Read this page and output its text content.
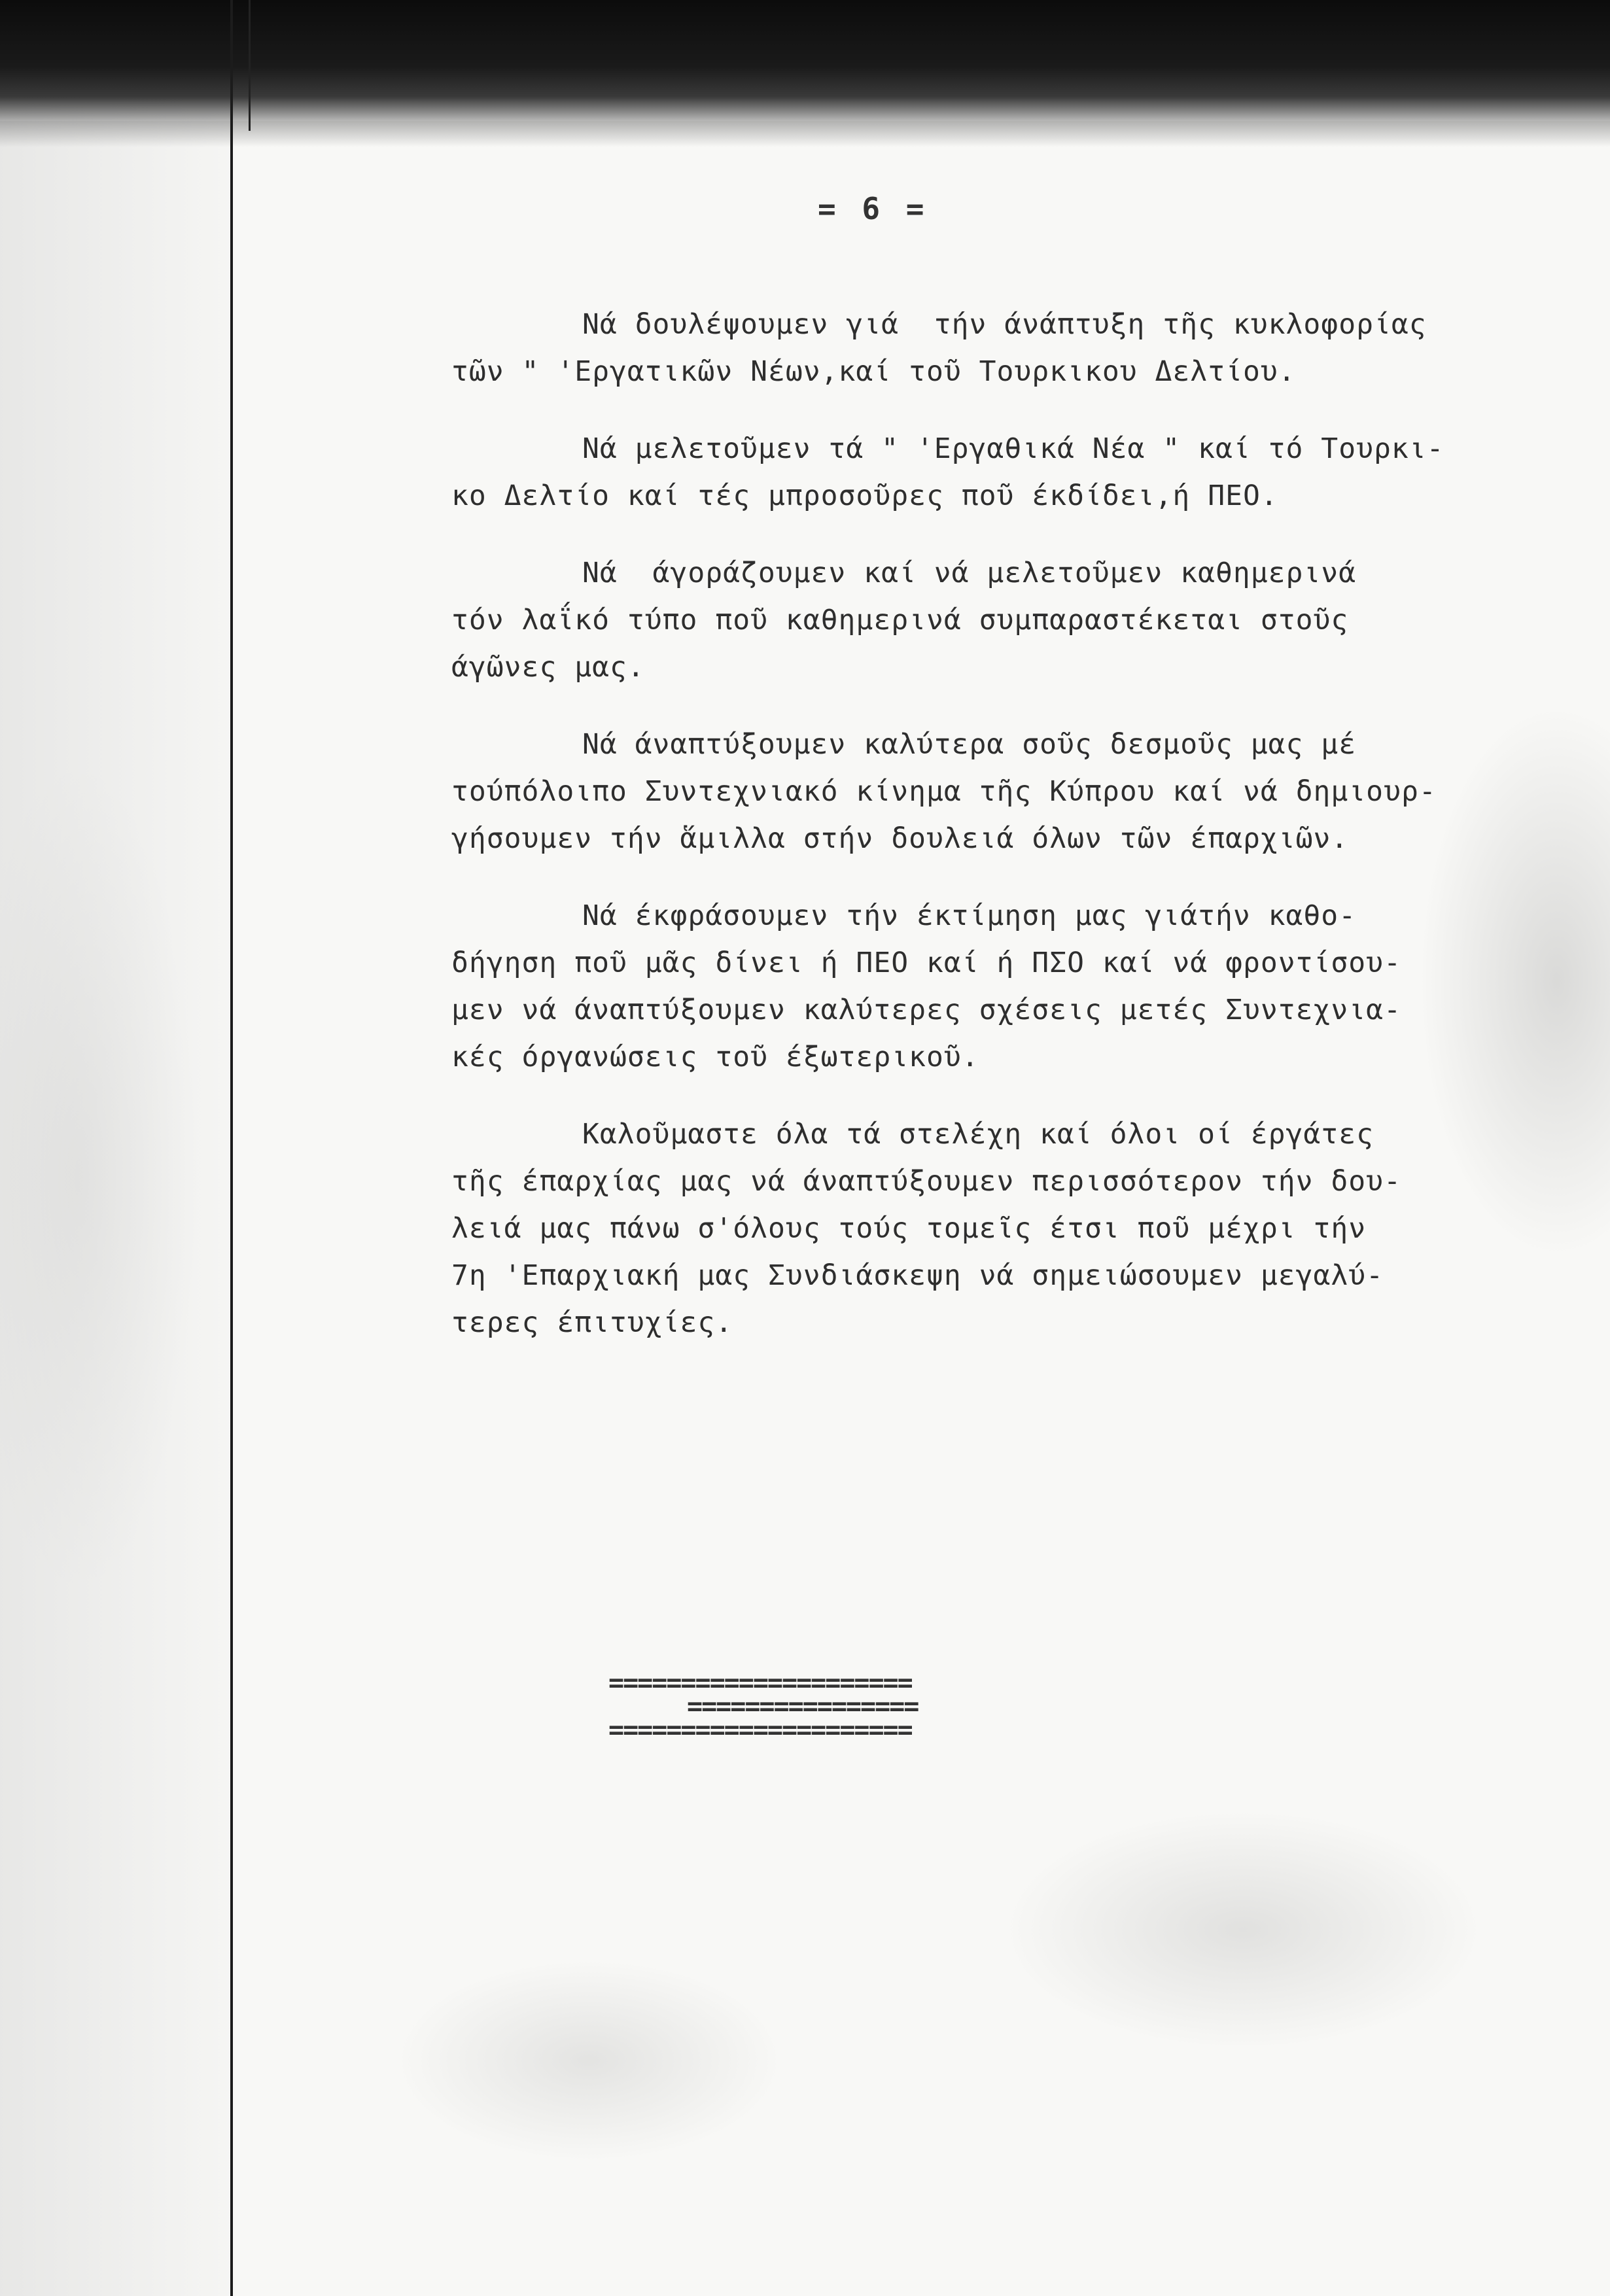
= 6 =
Νά δουλέψουμεν γιά  τήν άνάπτυξη τῆς κυκλοφορίας
τῶν " 'Εργατικῶν Νέων,καί τοῦ Τουρκικου Δελτίου.
Νά μελετοῦμεν τά " 'Εργαθικά Νέα " καί τό Τουρκι-
κο Δελτίο καί τές μπροσοῦρες ποῦ έκδίδει,ή ΠΕΟ.
Νά  άγοράζουμεν καί νά μελετοῦμεν καθημερινά
τόν λαΐκό τύπο ποῦ καθημερινά συμπαραστέκεται στοῦς
άγῶνες μας.
Νά άναπτύξουμεν καλύτερα σοῦς δεσμοῦς μας μέ
τούπόλοιπο Συντεχνιακό κίνημα τῆς Κύπρου καί νά δημιουρ-
γήσουμεν τήν ἅμιλλα στήν δουλειά όλων τῶν έπαρχιῶν.
Νά έκφράσουμεν τήν έκτίμηση μας γιάτήν καθο-
δήγηση ποῦ μᾶς δίνει ή ΠΕΟ καί ή ΠΣΟ καί νά φροντίσου-
μεν νά άναπτύξουμεν καλύτερες σχέσεις μετές Συντεχνια-
κές όργανώσεις τοῦ έξωτερικοῦ.
Καλοῦμαστε όλα τά στελέχη καί όλοι οί έργάτες
τῆς έπαρχίας μας νά άναπτύξουμεν περισσότερον τήν δου-
λειά μας πάνω σ'όλους τούς τομεῖς έτσι ποῦ μέχρι τήν
7η 'Επαρχιακή μας Συνδιάσκεψη νά σημειώσουμεν μεγαλύ-
τερες έπιτυχίες.
=====================
================
=====================
